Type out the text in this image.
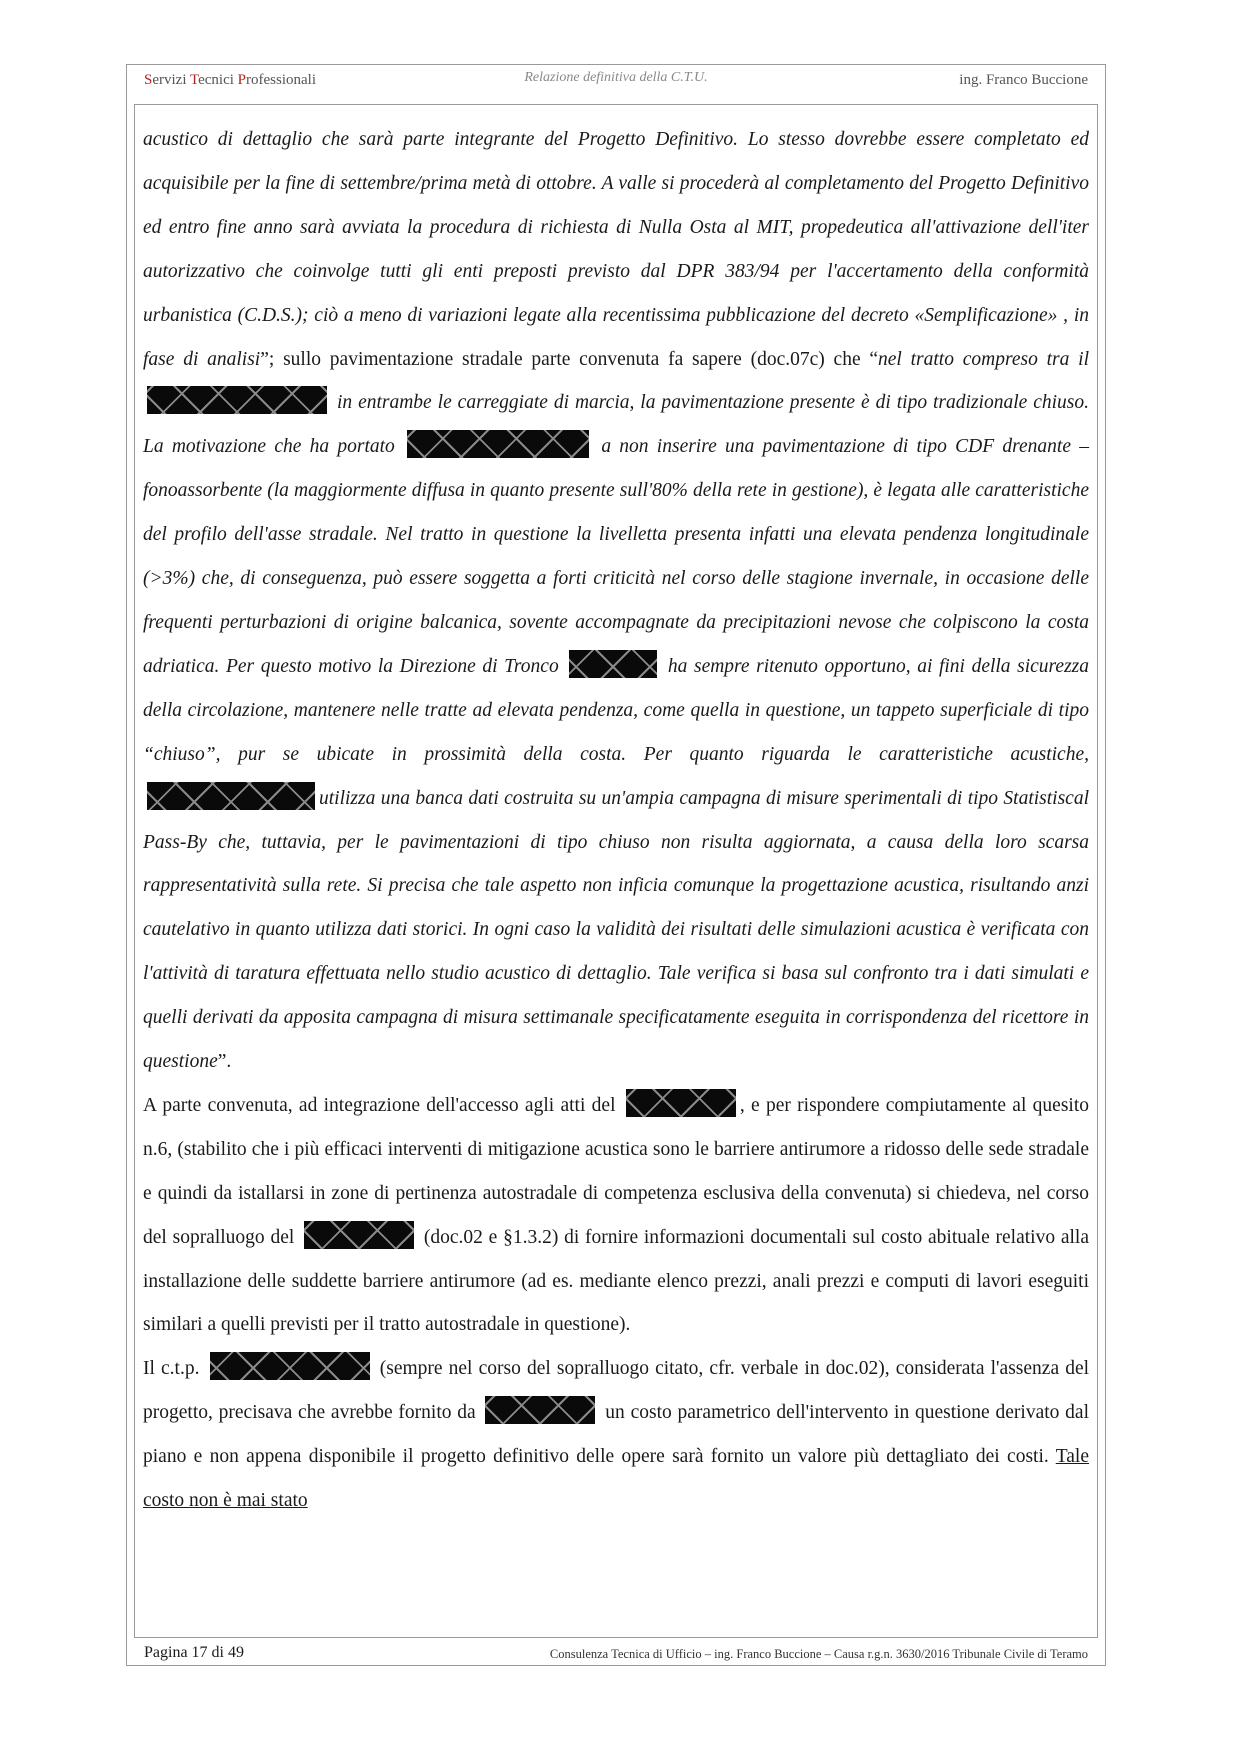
Servizi Tecnici Professionali	Relazione definitiva della C.T.U.	ing. Franco Buccione

acustico di dettaglio che sarà parte integrante del Progetto Definitivo. Lo stesso dovrebbe essere completato ed acquisibile per la fine di settembre/prima metà di ottobre. A valle si procederà al completamento del Progetto Definitivo ed entro fine anno sarà avviata la procedura di richiesta di Nulla Osta al MIT, propedeutica all'attivazione dell'iter autorizzativo che coinvolge tutti gli enti preposti previsto dal DPR 383/94 per l'accertamento della conformità urbanistica (C.D.S.); ciò a meno di variazioni legate alla recentissima pubblicazione del decreto «Semplificazione» , in fase di analisi”; sullo pavimentazione stradale parte convenuta fa sapere (doc.07c) che “nel tratto compreso tra il  in entrambe le carreggiate di marcia, la pavimentazione presente è di tipo tradizionale chiuso. La motivazione che ha portato	a non inserire una pavimentazione di tipo CDF drenante –fonoassorbente (la maggiormente diffusa in quanto presente sull'80% della rete in gestione), è legata alle caratteristiche del profilo dell'asse stradale. Nel tratto in questione la livelletta presenta infatti una elevata pendenza longitudinale (>3%) che, di conseguenza, può essere soggetta a forti criticità nel corso delle stagione invernale, in occasione delle frequenti perturbazioni di origine balcanica, sovente accompagnate da precipitazioni nevose che colpiscono la costa adriatica. Per questo motivo la Direzione di Tronco	ha sempre ritenuto opportuno, ai fini della sicurezza della circolazione, mantenere nelle tratte ad elevata pendenza, come quella in questione, un tappeto superficiale di tipo “chiuso”, pur se ubicate in prossimità della costa. Per quanto riguarda le caratteristiche acustiche,utilizza una banca dati costruita su un'ampia campagna di misure sperimentali di tipo Statistiscal Pass-By che, tuttavia, per le pavimentazioni di tipo chiuso non risulta aggiornata, a causa della loro scarsa rappresentatività sulla rete. Si precisa che tale aspetto non inficia comunque la progettazione acustica, risultando anzi cautelativo in quanto utilizza dati storici. In ogni caso la validità dei risultati delle simulazioni acustica è verificata con l'attività di taratura effettuata nello studio acustico di dettaglio. Tale verifica si basa sul confronto tra i dati simulati e quelli derivati da apposita campagna di misura settimanale specificatamente eseguita in corrispondenza del ricettore in questione”.

A parte convenuta, ad integrazione dell'accesso agli atti del	, e per rispondere compiutamente al quesito n.6, (stabilito che i più efficaci interventi di mitigazione acustica sono le barriere antirumore a ridosso delle sede stradale e quindi da istallarsi in zone di pertinenza autostradale di competenza esclusiva della convenuta) si chiedeva, nel corso del sopralluogo del	(doc.02 e §1.3.2) di fornire informazioni documentali sul costo abituale relativo alla installazione delle suddette barriere antirumore (ad es. mediante elenco prezzi, anali prezzi e computi di lavori eseguiti similari a quelli previsti per il tratto autostradale in questione).

Il c.t.p.	(sempre nel corso del sopralluogo citato, cfr. verbale in doc.02), considerata l'assenza del progetto, precisava che avrebbe fornito da	un costo parametrico dell'intervento in questione derivato dal piano e non appena disponibile il progetto definitivo delle opere sarà fornito un valore più dettagliato dei costi. Tale costo non è mai stato

Pagina 17 di 49	Consulenza Tecnica di Ufficio – ing. Franco Buccione – Causa r.g.n. 3630/2016 Tribunale Civile di Teramo
